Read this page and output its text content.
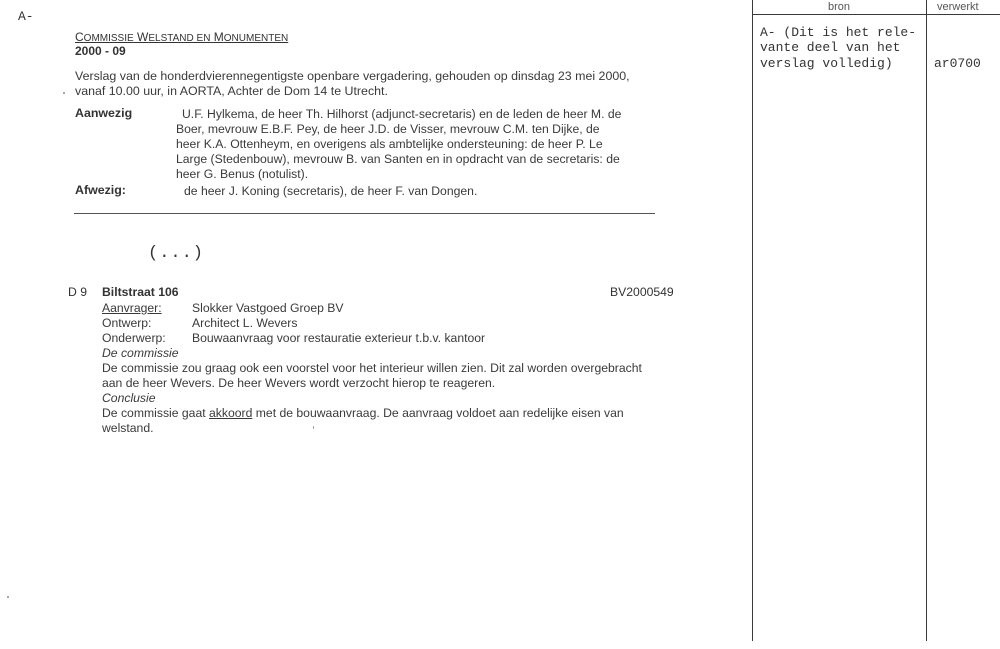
A-
COMMISSIE WELSTAND EN MONUMENTEN
2000 - 09
Verslag van de honderdvierennegentigste openbare vergadering, gehouden op dinsdag 23 mei 2000,
vanaf 10.00 uur, in AORTA, Achter de Dom 14 te Utrecht.
Aanwezig	U.F. Hylkema, de heer Th. Hilhorst (adjunct-secretaris) en de leden de heer M. de
Boer, mevrouw E.B.F. Pey, de heer J.D. de Visser, mevrouw C.M. ten Dijke, de
heer K.A. Ottenheym, en overigens als ambtelijke ondersteuning: de heer P. Le
Large (Stedenbouw), mevrouw B. van Santen en in opdracht van de secretaris: de
heer G. Benus (notulist).
Afwezig:	de heer J. Koning (secretaris), de heer F. van Dongen.
(...)
D 9 Biltstraat 106	BV2000549
Aanvrager: Slokker Vastgoed Groep BV
Ontwerp:	Architect L. Wevers
Onderwerp: Bouwaanvraag voor restauratie exterieur t.b.v. kantoor
De commissie
De commissie zou graag ook een voorstel voor het interieur willen zien. Dit zal worden overgebracht
aan de heer Wevers. De heer Wevers wordt verzocht hierop te reageren.
Conclusie
De commissie gaat akkoord met de bouwaanvraag. De aanvraag voldoet aan redelijke eisen van
welstand.
bron	verwerkt
A- (Dit is het rele-
vante deel van het
verslag volledig)	ar0700
